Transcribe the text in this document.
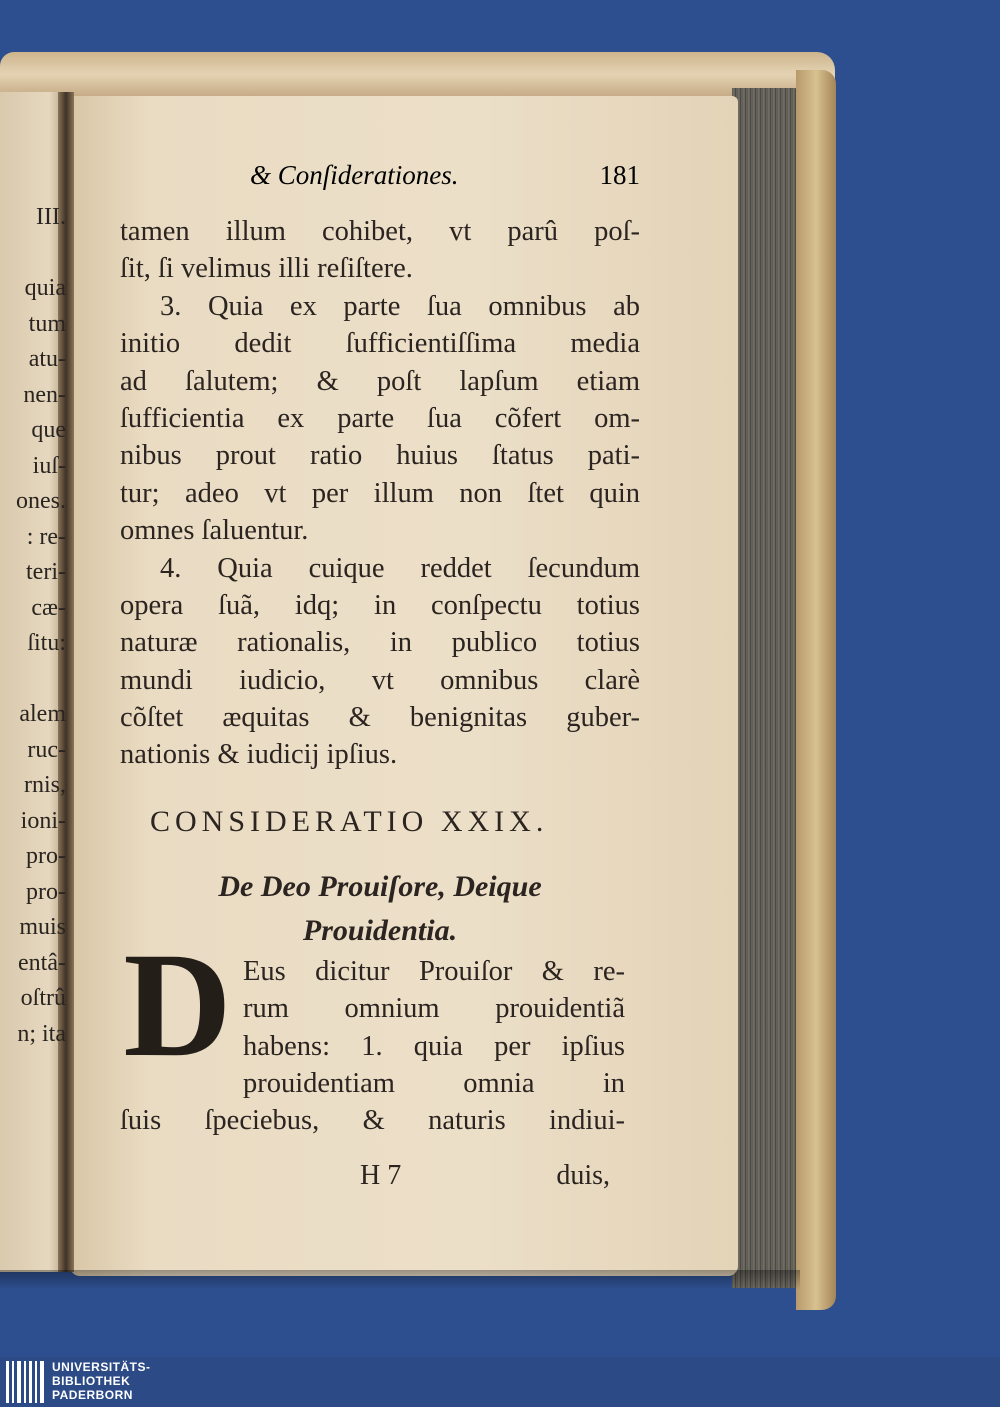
III.
quia
tum
atu-
nen-
que
iuſ-
ones.
: re-
teri-
cæ-
ſitu:
alem
ruc-
rnis,
ioni-
pro-
pro-
muis
entâ-
oſtrû
n; ita
& Conſiderationes.	181
tamen illum cohibet, vt parû poſ-
ſit, ſi velimus illi reſiſtere.
3. Quia ex parte ſua omnibus ab
initio dedit ſufficientiſſima media
ad ſalutem; & poſt lapſum etiam
ſufficientia ex parte ſua cõfert om-
nibus prout ratio huius ſtatus pati-
tur; adeo vt per illum non ſtet quin
omnes ſaluentur.
4. Quia cuique reddet ſecundum
opera ſuã, idq; in conſpectu totius
naturæ rationalis, in publico totius
mundi iudicio, vt omnibus clarè
cõſtet æquitas & benignitas guber-
nationis & iudicij ipſius.
CONSIDERATIO XXIX.
De Deo Prouiſore, Deique
Prouidentia.
D Eus dicitur Prouiſor & re-
rum omnium prouidentiã
habens: 1. quia per ipſius
prouidentiam omnia in
ſuis ſpeciebus, & naturis indiui-
H 7	duis,
UNIVERSITÄTS-
BIBLIOTHEK
PADERBORN
